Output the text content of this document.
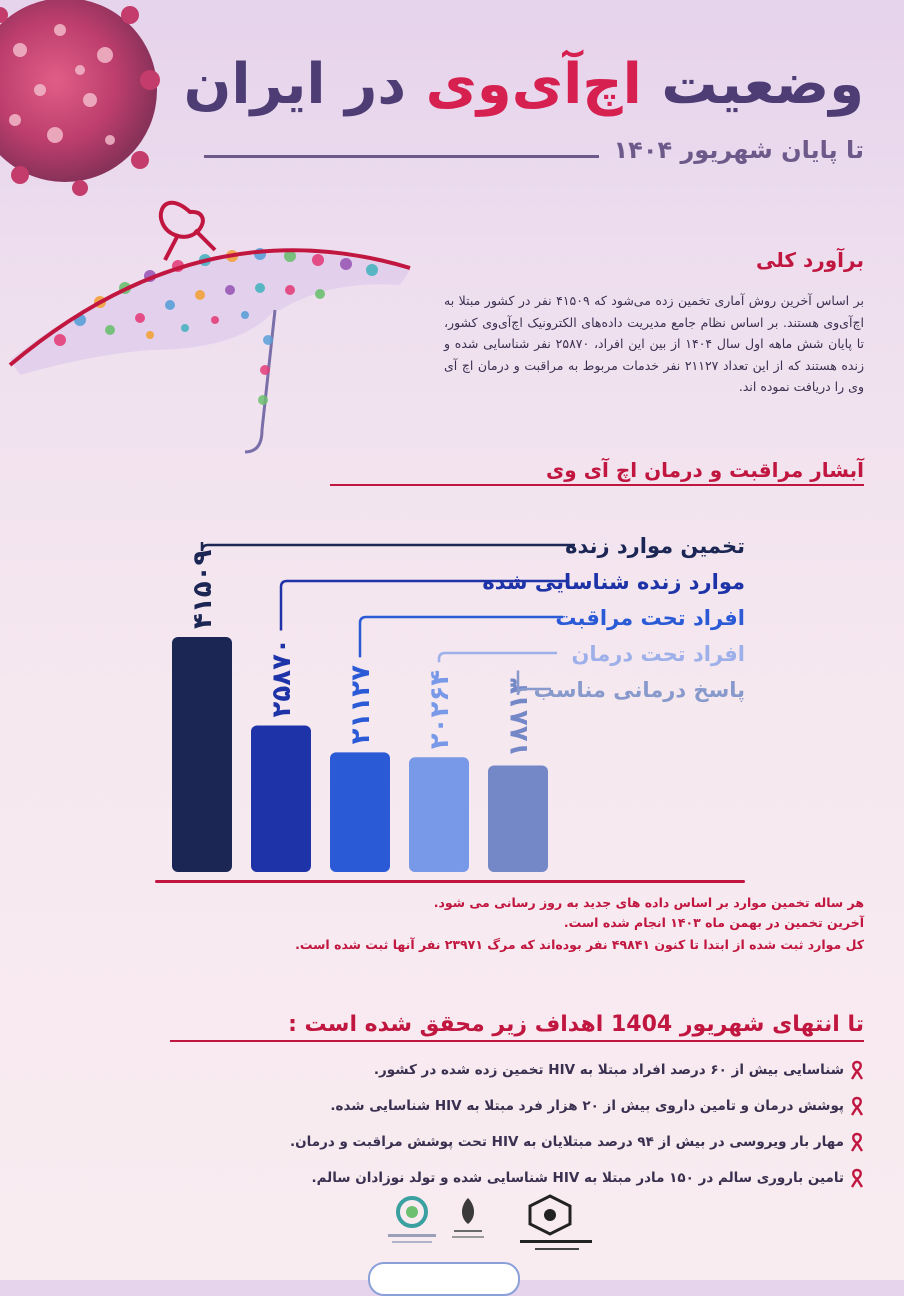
وضعیت اچ‌آی‌وی در ایران
تا پایان شهریور ۱۴۰۴
برآورد کلی
بر اساس آخرین روش آماری تخمین زده می‌شود که ۴۱۵۰۹ نفر در کشور مبتلا به اچ‌آی‌وی هستند. بر اساس نظام جامع مدیریت داده‌های الکترونیک اچ‌آی‌وی کشور، تا پایان شش ماهه اول سال ۱۴۰۴ از بین این افراد، ۲۵۸۷۰ نفر شناسایی شده و زنده هستند که از این تعداد ۲۱۱۲۷ نفر خدمات مربوط به مراقبت و درمان اچ آی وی را دریافت نموده اند.
آبشار مراقبت و درمان اچ آی وی
۴۱۵۰۹
تخمین موارد زنده
۲۵۸۷۰
موارد زنده شناسایی شده
۲۱۱۲۷
افراد تحت مراقبت
۲۰۲۶۴
افراد تحت درمان
۱۸۸۱۳ پاسخ درمانی مناسب
هر ساله تخمین موارد بر اساس داده های جدید به روز رسانی می شود.
آخرین تخمین در بهمن ماه ۱۴۰۳ انجام شده است.
کل موارد ثبت شده از ابتدا تا کنون ۴۹۸۴۱ نفر بوده‌اند که مرگ ۲۳۹۷۱ نفر آنها ثبت شده است.
تا انتهای شهریور 1404 اهداف زیر محقق شده است :
شناسایی بیش از ۶۰ درصد افراد مبتلا به HIV تخمین زده شده در کشور.
پوشش درمان و تامین داروی بیش از ۲۰ هزار فرد مبتلا به HIV شناسایی شده.
مهار بار ویروسی در بیش از ۹۴ درصد مبتلایان به HIV تحت پوشش مراقبت و درمان.
تامین باروری سالم در ۱۵۰ مادر مبتلا به HIV شناسایی شده و تولد نوزادان سالم.
